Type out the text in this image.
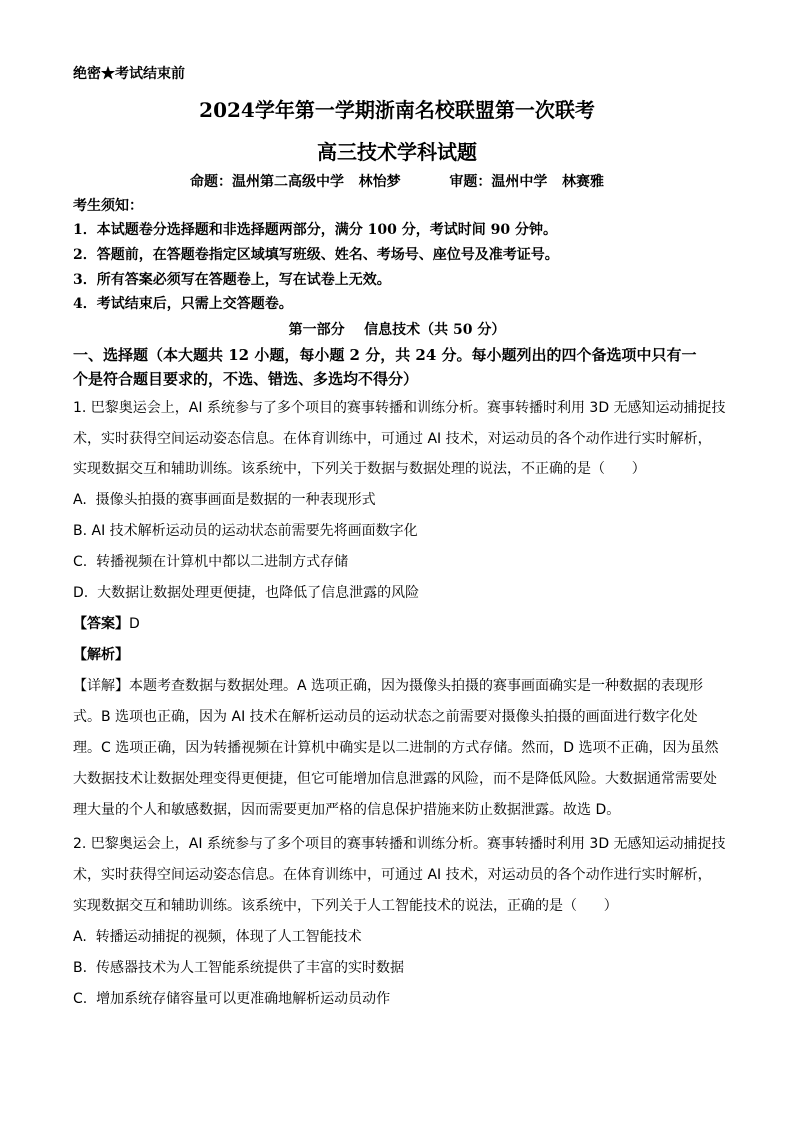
绝密★考试结束前
2024学年第一学期浙南名校联盟第一次联考
高三技术学科试题
命题：温州第二高级中学   林怡梦          审题：温州中学   林赛雅
考生须知：
1．本试题卷分选择题和非选择题两部分，满分 100 分，考试时间 90 分钟。
2．答题前，在答题卷指定区域填写班级、姓名、考场号、座位号及准考证号。
3．所有答案必须写在答题卷上，写在试卷上无效。
4．考试结束后，只需上交答题卷。
第一部分    信息技术（共 50 分）
一、选择题（本大题共 12 小题，每小题 2 分，共 24 分。每小题列出的四个备选项中只有一
个是符合题目要求的，不选、错选、多选均不得分）
1. 巴黎奥运会上，AI 系统参与了多个项目的赛事转播和训练分析。赛事转播时利用 3D 无感知运动捕捉技
术，实时获得空间运动姿态信息。在体育训练中，可通过 AI 技术，对运动员的各个动作进行实时解析，
实现数据交互和辅助训练。该系统中，下列关于数据与数据处理的说法，不正确的是（      ）
A.  摄像头拍摄的赛事画面是数据的一种表现形式
B. AI 技术解析运动员的运动状态前需要先将画面数字化
C.  转播视频在计算机中都以二进制方式存储
D.  大数据让数据处理更便捷，也降低了信息泄露的风险
【答案】D
【解析】
【详解】本题考查数据与数据处理。A 选项正确，因为摄像头拍摄的赛事画面确实是一种数据的表现形
式。B 选项也正确，因为 AI 技术在解析运动员的运动状态之前需要对摄像头拍摄的画面进行数字化处
理。C 选项正确，因为转播视频在计算机中确实是以二进制的方式存储。然而，D 选项不正确，因为虽然
大数据技术让数据处理变得更便捷，但它可能增加信息泄露的风险，而不是降低风险。大数据通常需要处
理大量的个人和敏感数据，因而需要更加严格的信息保护措施来防止数据泄露。故选 D。
2. 巴黎奥运会上，AI 系统参与了多个项目的赛事转播和训练分析。赛事转播时利用 3D 无感知运动捕捉技
术，实时获得空间运动姿态信息。在体育训练中，可通过 AI 技术，对运动员的各个动作进行实时解析，
实现数据交互和辅助训练。该系统中，下列关于人工智能技术的说法，正确的是（      ）
A.  转播运动捕捉的视频，体现了人工智能技术
B.  传感器技术为人工智能系统提供了丰富的实时数据
C.  增加系统存储容量可以更准确地解析运动员动作
